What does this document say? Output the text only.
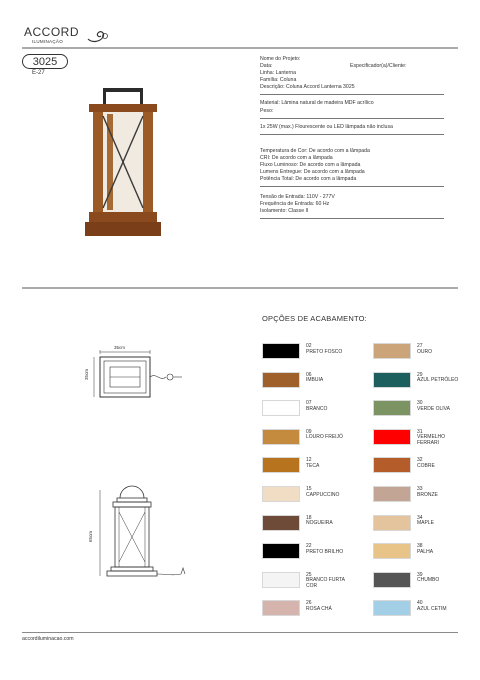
ACCORD
ILUMINAÇÃO
3025
E-27
Nome do Projeto:
Data:	Especificador(a)/Cliente:
Linha: Lanterna
Família: Coluna
Descrição: Coluna Accord Lanterna 3025
Material: Lâmina natural de madeira MDF acrílico
Peso:
1x 25W (max.) Flourescente ou LED lâmpada não inclusa
Temperatura de Cor: De acordo com a lâmpada
CRI: De acordo com a lâmpada
Fluxo Luminoso: De acordo com a lâmpada
Lumens Entregue: De acordo com a lâmpada
Potência Total: De acordo com a lâmpada
Tensão de Entrada: 110V - 277V
Frequência de Entrada: 60 Hz
Isolamento: Classe II
35cm
35cm
65cm
OPÇÕES DE ACABAMENTO:
02
PRETO FOSCO
06
IMBUIA
07
BRANCO
09
LOURO FREIJÓ
12
TECA
15
CAPPUCCINO
18
NOGUEIRA
22
PRETO BRILHO
25
BRANCO FURTA COR
26
ROSA CHÁ
27
OURO
29
AZUL PETRÓLEO
30
VERDE OLIVA
31
VERMELHO FERRARI
32
COBRE
33
BRONZE
34
MAPLE
38
PALHA
39
CHUMBO
40
AZUL CETIM
accordiluminacao.com
